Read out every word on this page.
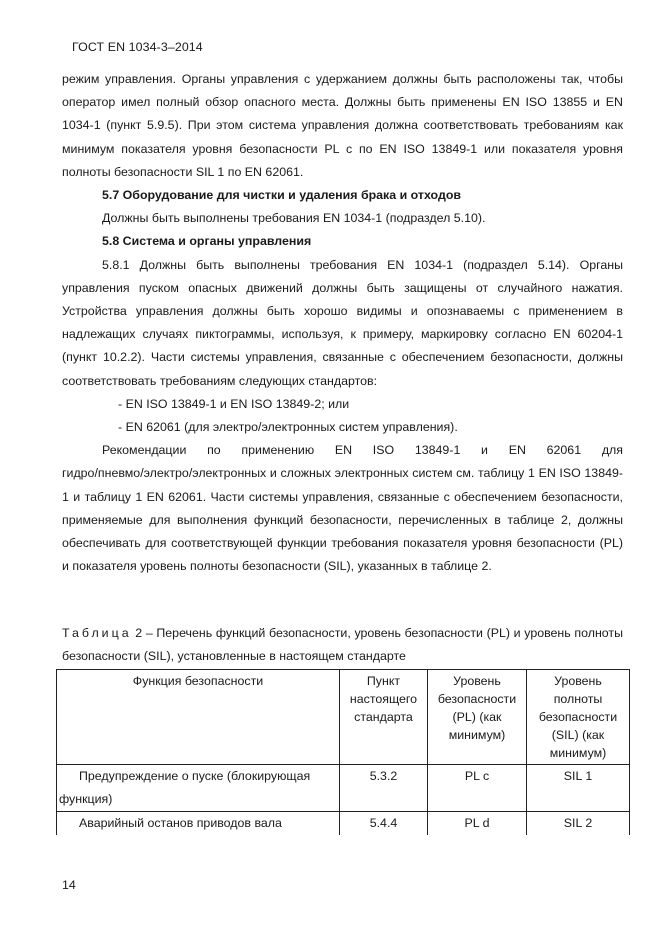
ГОСТ EN 1034-3–2014

режим управления. Органы управления с удержанием должны быть расположены так, чтобы оператор имел полный обзор опасного места. Должны быть применены EN ISO 13855 и EN 1034-1 (пункт 5.9.5). При этом система управления должна соответствовать требованиям как минимум показателя уровня безопасности PL c по EN ISO 13849-1 или показателя уровня полноты безопасности SIL 1 по EN 62061.

5.7 Оборудование для чистки и удаления брака и отходов

Должны быть выполнены требования EN 1034-1 (подраздел 5.10).

5.8 Система и органы управления

5.8.1 Должны быть выполнены требования EN 1034-1 (подраздел 5.14). Органы управления пуском опасных движений должны быть защищены от случайного нажатия. Устройства управления должны быть хорошо видимы и опознаваемы с применением в надлежащих случаях пиктограммы, используя, к примеру, маркировку согласно EN 60204-1 (пункт 10.2.2). Части системы управления, связанные с обеспечением безопасности, должны соответствовать требованиям следующих стандартов:

- EN ISO 13849-1 и EN ISO 13849-2; или
- EN 62061 (для электро/электронных систем управления).

Рекомендации по применению EN ISO 13849-1 и EN 62061 для

гидро/пневмо/электро/электронных и сложных электронных систем см. таблицу 1 EN ISO 13849-1 и таблицу 1 EN 62061. Части системы управления, связанные с обеспечением безопасности, применяемые для выполнения функций безопасности, перечисленных в таблице 2, должны обеспечивать для соответствующей функции требования показателя уровня безопасности (PL) и показателя уровень полноты безопасности (SIL), указанных в таблице 2.

Таблица 2 – Перечень функций безопасности, уровень безопасности (PL) и уровень полноты безопасности (SIL), установленные в настоящем стандарте

Функция безопасности	Пункт настоящего стандарта	Уровень безопасности (PL) (как минимум)	Уровень полноты безопасности (SIL) (как минимум)
Предупреждение о пуске (блокирующая функция)	5.3.2	PL c	SIL 1
Аварийный останов приводов вала	5.4.4	PL d	SIL 2
14
